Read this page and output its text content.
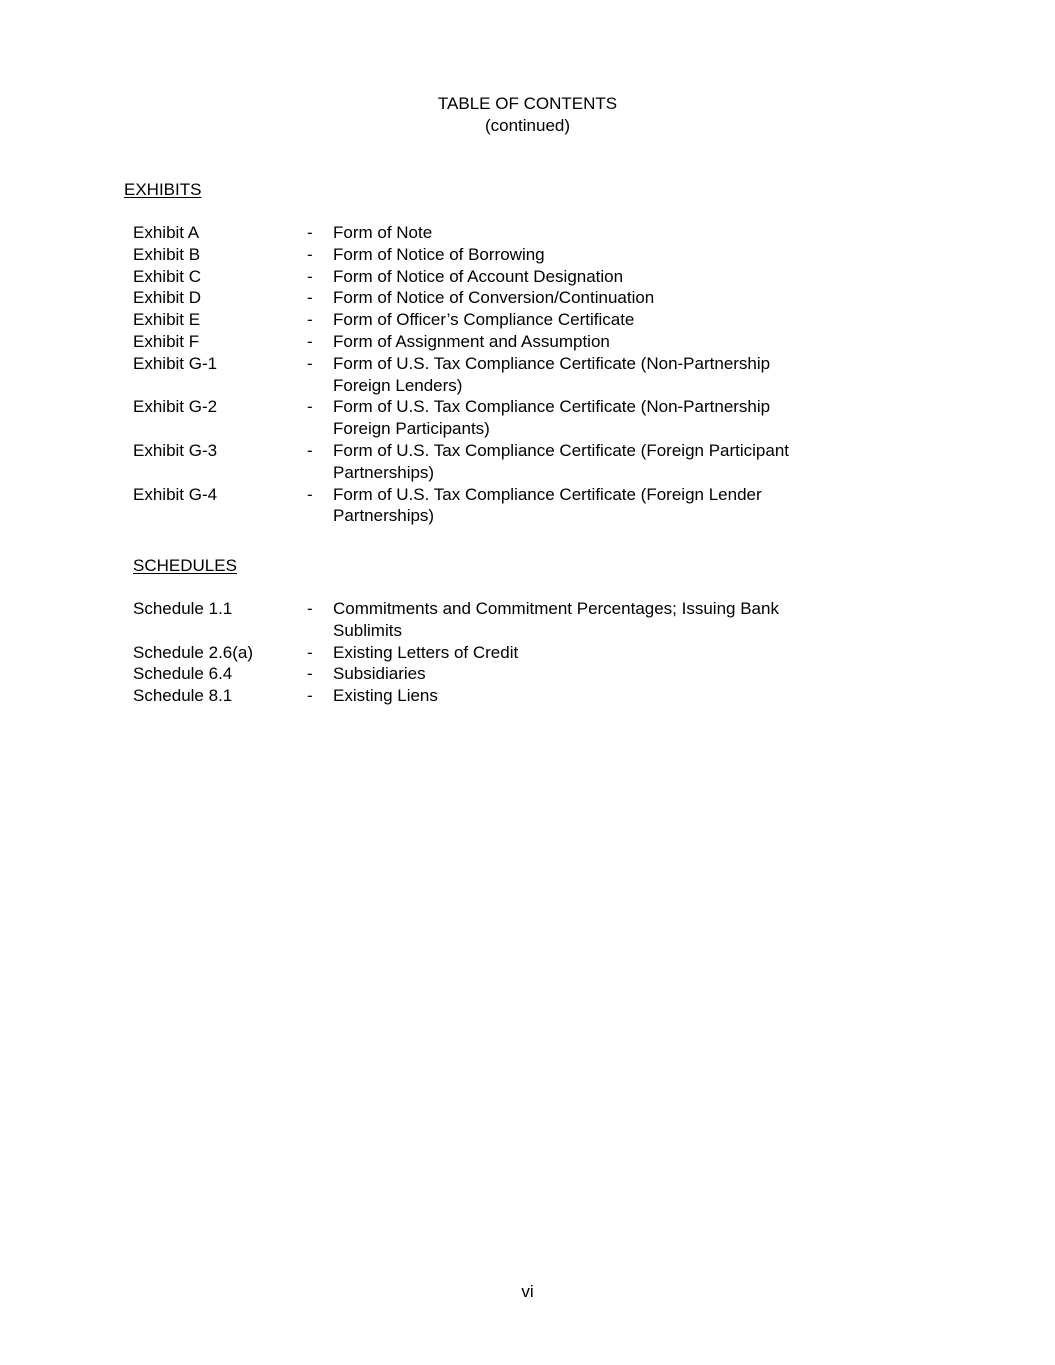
TABLE OF CONTENTS
(continued)
EXHIBITS
Exhibit A	-	Form of Note
Exhibit B	-	Form of Notice of Borrowing
Exhibit C	-	Form of Notice of Account Designation
Exhibit D	-	Form of Notice of Conversion/Continuation
Exhibit E	-	Form of Officer’s Compliance Certificate
Exhibit F	-	Form of Assignment and Assumption
Exhibit G-1	-	Form of U.S. Tax Compliance Certificate (Non-Partnership Foreign Lenders)
Exhibit G-2	-	Form of U.S. Tax Compliance Certificate (Non-Partnership Foreign Participants)
Exhibit G-3	-	Form of U.S. Tax Compliance Certificate (Foreign Participant Partnerships)
Exhibit G-4	-	Form of U.S. Tax Compliance Certificate (Foreign Lender Partnerships)
SCHEDULES
Schedule 1.1	-	Commitments and Commitment Percentages; Issuing Bank Sublimits
Schedule 2.6(a)	-	Existing Letters of Credit
Schedule 6.4	-	Subsidiaries
Schedule 8.1	-	Existing Liens
vi
